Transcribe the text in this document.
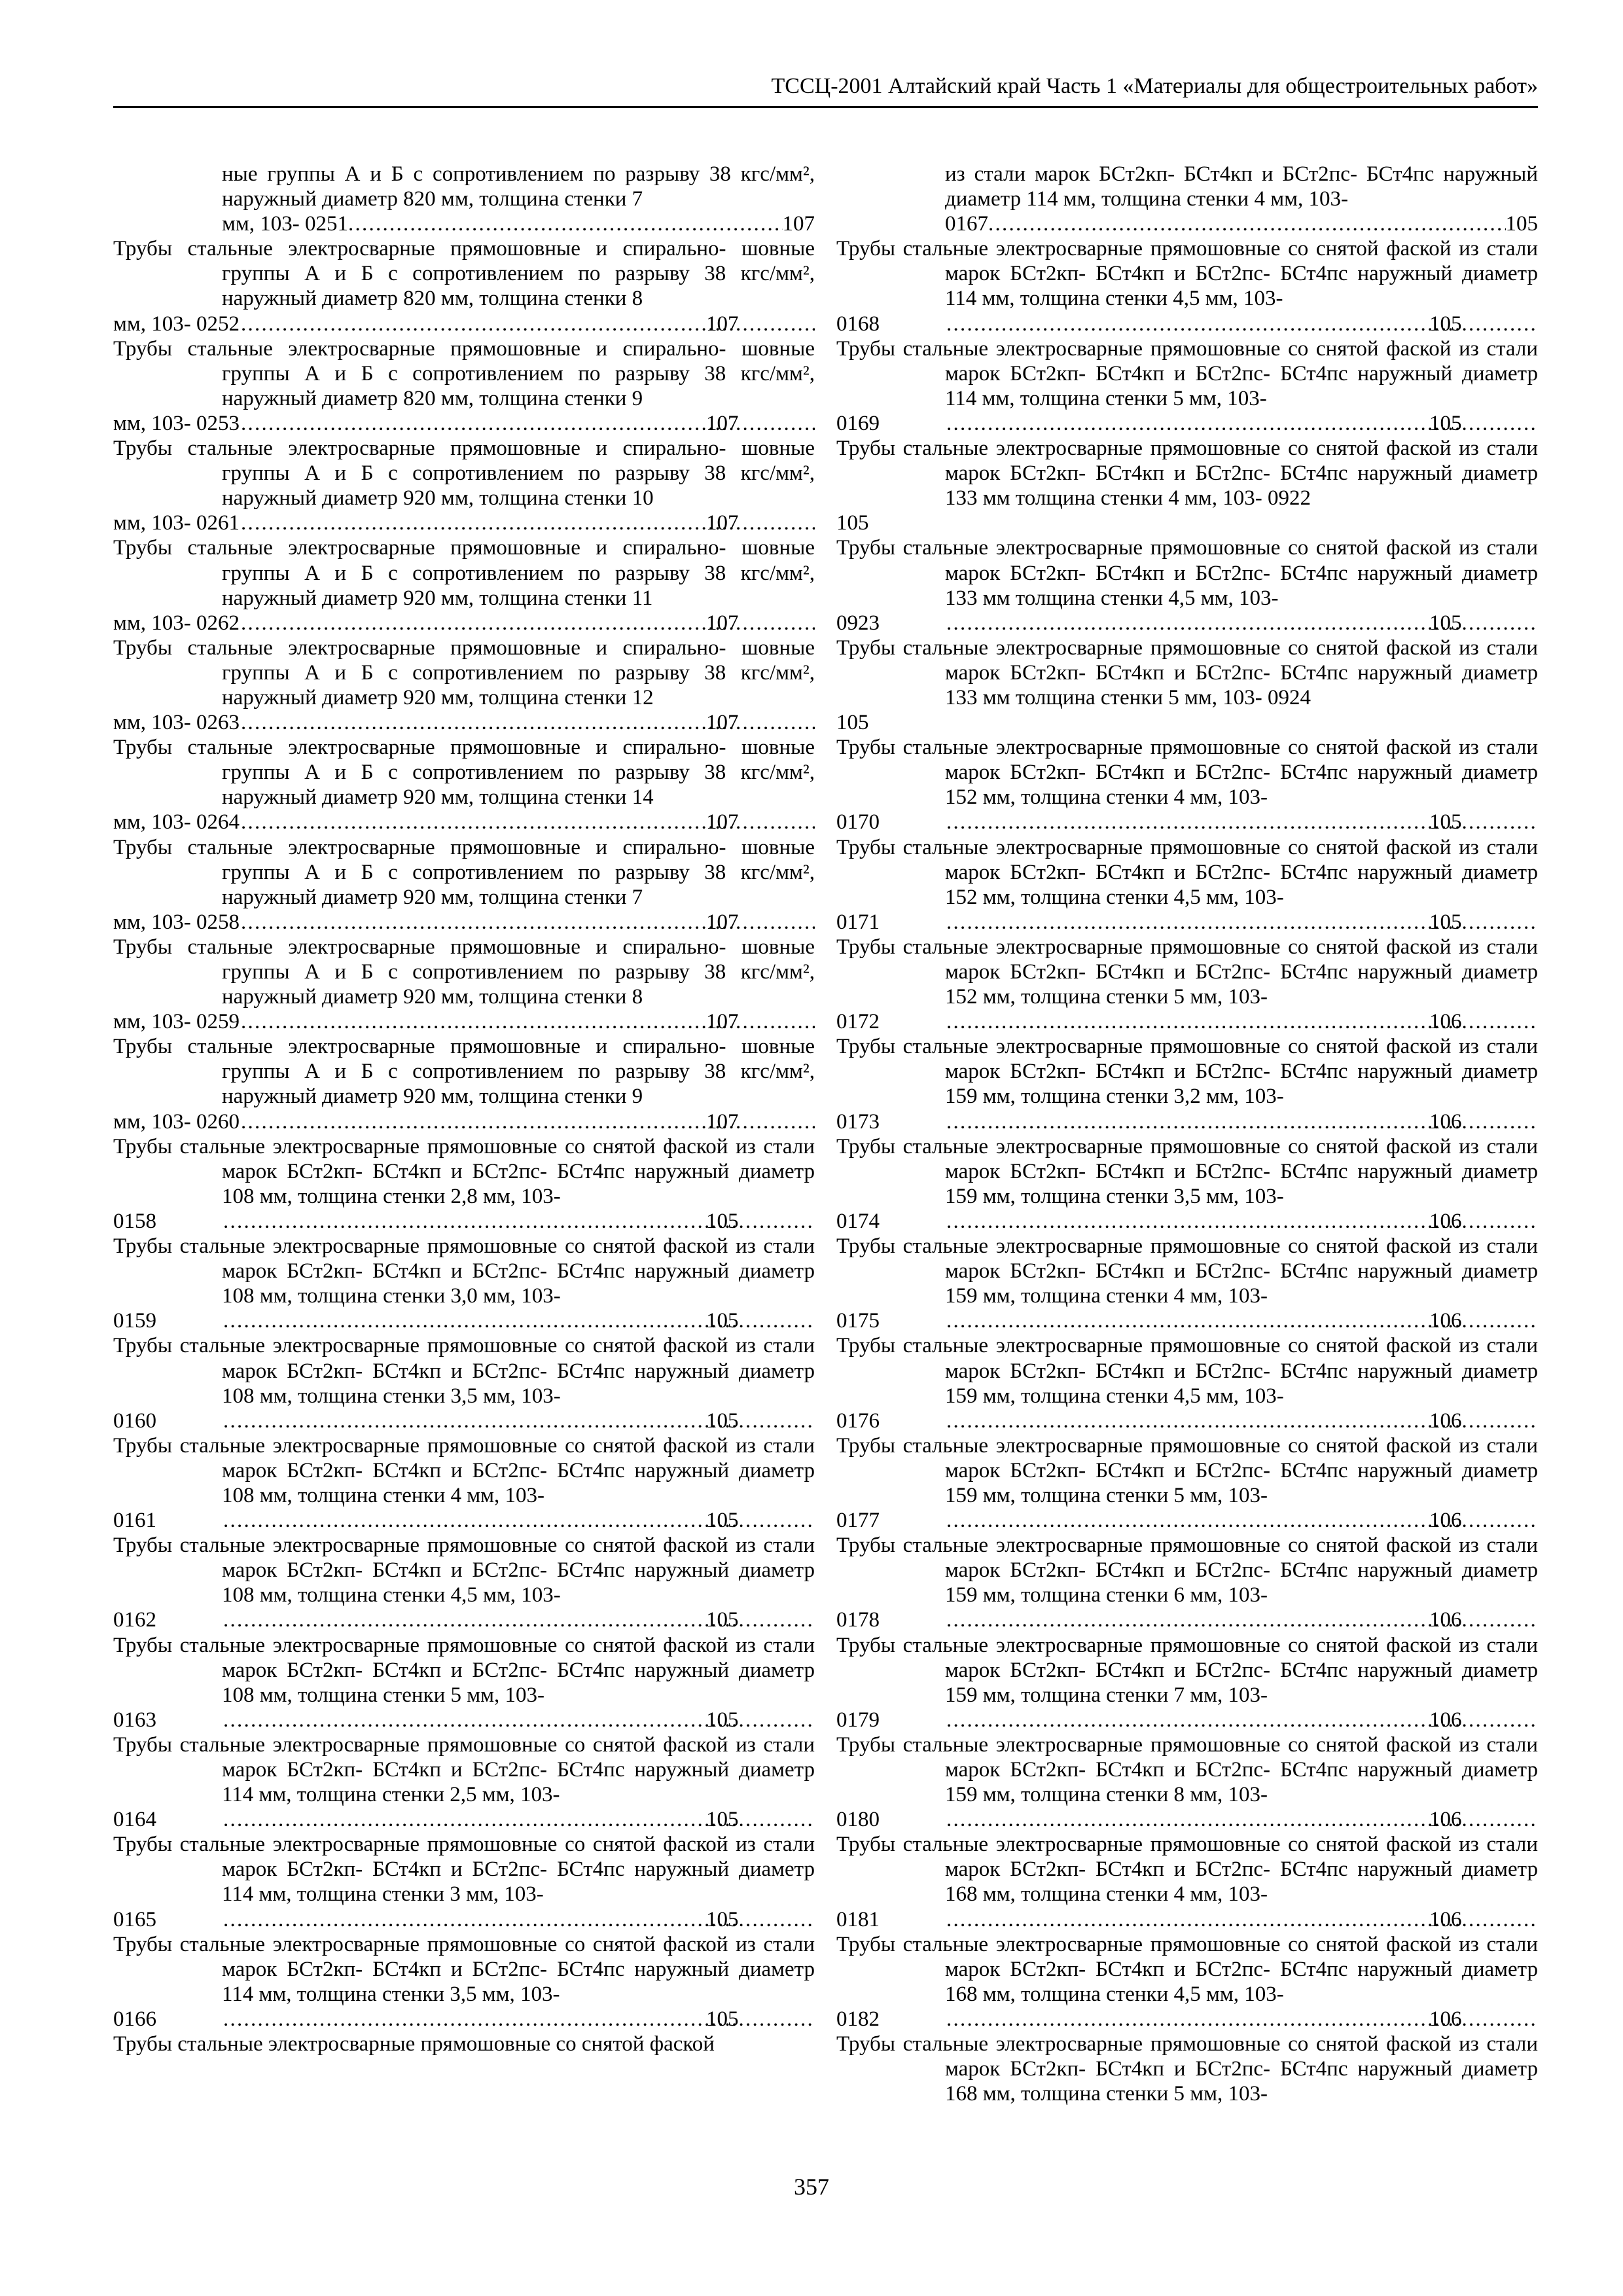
ТССЦ-2001 Алтайский край Часть 1 «Материалы для общестроительных работ»
ные группы А и Б с сопротивлением по разрыву 38 кгс/мм², наружный диаметр 820 мм, толщина стенки 7
мм, 103- 0251 . . .	107
Трубы стальные электросварные прямошовные и спирально- шовные группы А и Б с сопротивлением по разрыву 38 кгс/мм², наружный диаметр 820 мм, толщина стенки 8
мм, 103- 0252 . . .	107
Трубы стальные электросварные прямошовные и спирально- шовные группы А и Б с сопротивлением по разрыву 38 кгс/мм², наружный диаметр 820 мм, толщина стенки 9
мм, 103- 0253 . . .	107
Трубы стальные электросварные прямошовные и спирально- шовные группы А и Б с сопротивлением по разрыву 38 кгс/мм², наружный диаметр 920 мм, толщина стенки 10
мм, 103- 0261 . . .	107
Трубы стальные электросварные прямошовные и спирально- шовные группы А и Б с сопротивлением по разрыву 38 кгс/мм², наружный диаметр 920 мм, толщина стенки 11
мм, 103- 0262 . . .	107
Трубы стальные электросварные прямошовные и спирально- шовные группы А и Б с сопротивлением по разрыву 38 кгс/мм², наружный диаметр 920 мм, толщина стенки 12
мм, 103- 0263 . . .	107
Трубы стальные электросварные прямошовные и спирально- шовные группы А и Б с сопротивлением по разрыву 38 кгс/мм², наружный диаметр 920 мм, толщина стенки 14
мм, 103- 0264 . . .	107
Трубы стальные электросварные прямошовные и спирально- шовные группы А и Б с сопротивлением по разрыву 38 кгс/мм², наружный диаметр 920 мм, толщина стенки 7
мм, 103- 0258 . . .	107
Трубы стальные электросварные прямошовные и спирально- шовные группы А и Б с сопротивлением по разрыву 38 кгс/мм², наружный диаметр 920 мм, толщина стенки 8
мм, 103- 0259 . . .	107
Трубы стальные электросварные прямошовные и спирально- шовные группы А и Б с сопротивлением по разрыву 38 кгс/мм², наружный диаметр 920 мм, толщина стенки 9
мм, 103- 0260 . . .	107
Трубы стальные электросварные прямошовные со снятой фаской из стали марок БСт2кп- БСт4кп и БСт2пс- БСт4пс наружный диаметр 108 мм, толщина стенки 2,8 мм, 103-
0158 . . .	105
Трубы стальные электросварные прямошовные со снятой фаской из стали марок БСт2кп- БСт4кп и БСт2пс- БСт4пс наружный диаметр 108 мм, толщина стенки 3,0 мм, 103-
0159 . . .	105
Трубы стальные электросварные прямошовные со снятой фаской из стали марок БСт2кп- БСт4кп и БСт2пс- БСт4пс наружный диаметр 108 мм, толщина стенки 3,5 мм, 103-
0160 . . .	105
Трубы стальные электросварные прямошовные со снятой фаской из стали марок БСт2кп- БСт4кп и БСт2пс- БСт4пс наружный диаметр 108 мм, толщина стенки 4 мм, 103-
0161 . . .	105
Трубы стальные электросварные прямошовные со снятой фаской из стали марок БСт2кп- БСт4кп и БСт2пс- БСт4пс наружный диаметр 108 мм, толщина стенки 4,5 мм, 103-
0162 . . .	105
Трубы стальные электросварные прямошовные со снятой фаской из стали марок БСт2кп- БСт4кп и БСт2пс- БСт4пс наружный диаметр 108 мм, толщина стенки 5 мм, 103-
0163 . . .	105
Трубы стальные электросварные прямошовные со снятой фаской из стали марок БСт2кп- БСт4кп и БСт2пс- БСт4пс наружный диаметр 114 мм, толщина стенки 2,5 мм, 103-
0164 . . .	105
Трубы стальные электросварные прямошовные со снятой фаской из стали марок БСт2кп- БСт4кп и БСт2пс- БСт4пс наружный диаметр 114 мм, толщина стенки 3 мм, 103-
0165 . . .	105
Трубы стальные электросварные прямошовные со снятой фаской из стали марок БСт2кп- БСт4кп и БСт2пс- БСт4пс наружный диаметр 114 мм, толщина стенки 3,5 мм, 103-
0166 . . .	105
Трубы стальные электросварные прямошовные со снятой фаской
из стали марок БСт2кп- БСт4кп и БСт2пс- БСт4пс наружный диаметр 114 мм, толщина стенки 4 мм, 103-
0167 . . .	105
Трубы стальные электросварные прямошовные со снятой фаской из стали марок БСт2кп- БСт4кп и БСт2пс- БСт4пс наружный диаметр 114 мм, толщина стенки 4,5 мм, 103-
0168 . . .	105
Трубы стальные электросварные прямошовные со снятой фаской из стали марок БСт2кп- БСт4кп и БСт2пс- БСт4пс наружный диаметр 114 мм, толщина стенки 5 мм, 103-
0169 . . .	105
Трубы стальные электросварные прямошовные со снятой фаской из стали марок БСт2кп- БСт4кп и БСт2пс- БСт4пс наружный диаметр 133 мм толщина стенки 4 мм, 103- 0922
105
Трубы стальные электросварные прямошовные со снятой фаской из стали марок БСт2кп- БСт4кп и БСт2пс- БСт4пс наружный диаметр 133 мм толщина стенки 4,5 мм, 103-
0923 . . .	105
Трубы стальные электросварные прямошовные со снятой фаской из стали марок БСт2кп- БСт4кп и БСт2пс- БСт4пс наружный диаметр 133 мм толщина стенки 5 мм, 103- 0924
105
Трубы стальные электросварные прямошовные со снятой фаской из стали марок БСт2кп- БСт4кп и БСт2пс- БСт4пс наружный диаметр 152 мм, толщина стенки 4 мм, 103-
0170 . . .	105
Трубы стальные электросварные прямошовные со снятой фаской из стали марок БСт2кп- БСт4кп и БСт2пс- БСт4пс наружный диаметр 152 мм, толщина стенки 4,5 мм, 103-
0171 . . .	105
Трубы стальные электросварные прямошовные со снятой фаской из стали марок БСт2кп- БСт4кп и БСт2пс- БСт4пс наружный диаметр 152 мм, толщина стенки 5 мм, 103-
0172 . . .	106
Трубы стальные электросварные прямошовные со снятой фаской из стали марок БСт2кп- БСт4кп и БСт2пс- БСт4пс наружный диаметр 159 мм, толщина стенки 3,2 мм, 103-
0173 . . .	106
Трубы стальные электросварные прямошовные со снятой фаской из стали марок БСт2кп- БСт4кп и БСт2пс- БСт4пс наружный диаметр 159 мм, толщина стенки 3,5 мм, 103-
0174 . . .	106
Трубы стальные электросварные прямошовные со снятой фаской из стали марок БСт2кп- БСт4кп и БСт2пс- БСт4пс наружный диаметр 159 мм, толщина стенки 4 мм, 103-
0175 . . .	106
Трубы стальные электросварные прямошовные со снятой фаской из стали марок БСт2кп- БСт4кп и БСт2пс- БСт4пс наружный диаметр 159 мм, толщина стенки 4,5 мм, 103-
0176 . . .	106
Трубы стальные электросварные прямошовные со снятой фаской из стали марок БСт2кп- БСт4кп и БСт2пс- БСт4пс наружный диаметр 159 мм, толщина стенки 5 мм, 103-
0177 . . .	106
Трубы стальные электросварные прямошовные со снятой фаской из стали марок БСт2кп- БСт4кп и БСт2пс- БСт4пс наружный диаметр 159 мм, толщина стенки 6 мм, 103-
0178 . . .	106
Трубы стальные электросварные прямошовные со снятой фаской из стали марок БСт2кп- БСт4кп и БСт2пс- БСт4пс наружный диаметр 159 мм, толщина стенки 7 мм, 103-
0179 . . .	106
Трубы стальные электросварные прямошовные со снятой фаской из стали марок БСт2кп- БСт4кп и БСт2пс- БСт4пс наружный диаметр 159 мм, толщина стенки 8 мм, 103-
0180 . . .	106
Трубы стальные электросварные прямошовные со снятой фаской из стали марок БСт2кп- БСт4кп и БСт2пс- БСт4пс наружный диаметр 168 мм, толщина стенки 4 мм, 103-
0181 . . .	106
Трубы стальные электросварные прямошовные со снятой фаской из стали марок БСт2кп- БСт4кп и БСт2пс- БСт4пс наружный диаметр 168 мм, толщина стенки 4,5 мм, 103-
0182 . . .	106
Трубы стальные электросварные прямошовные со снятой фаской из стали марок БСт2кп- БСт4кп и БСт2пс- БСт4пс наружный диаметр 168 мм, толщина стенки 5 мм, 103-
357
